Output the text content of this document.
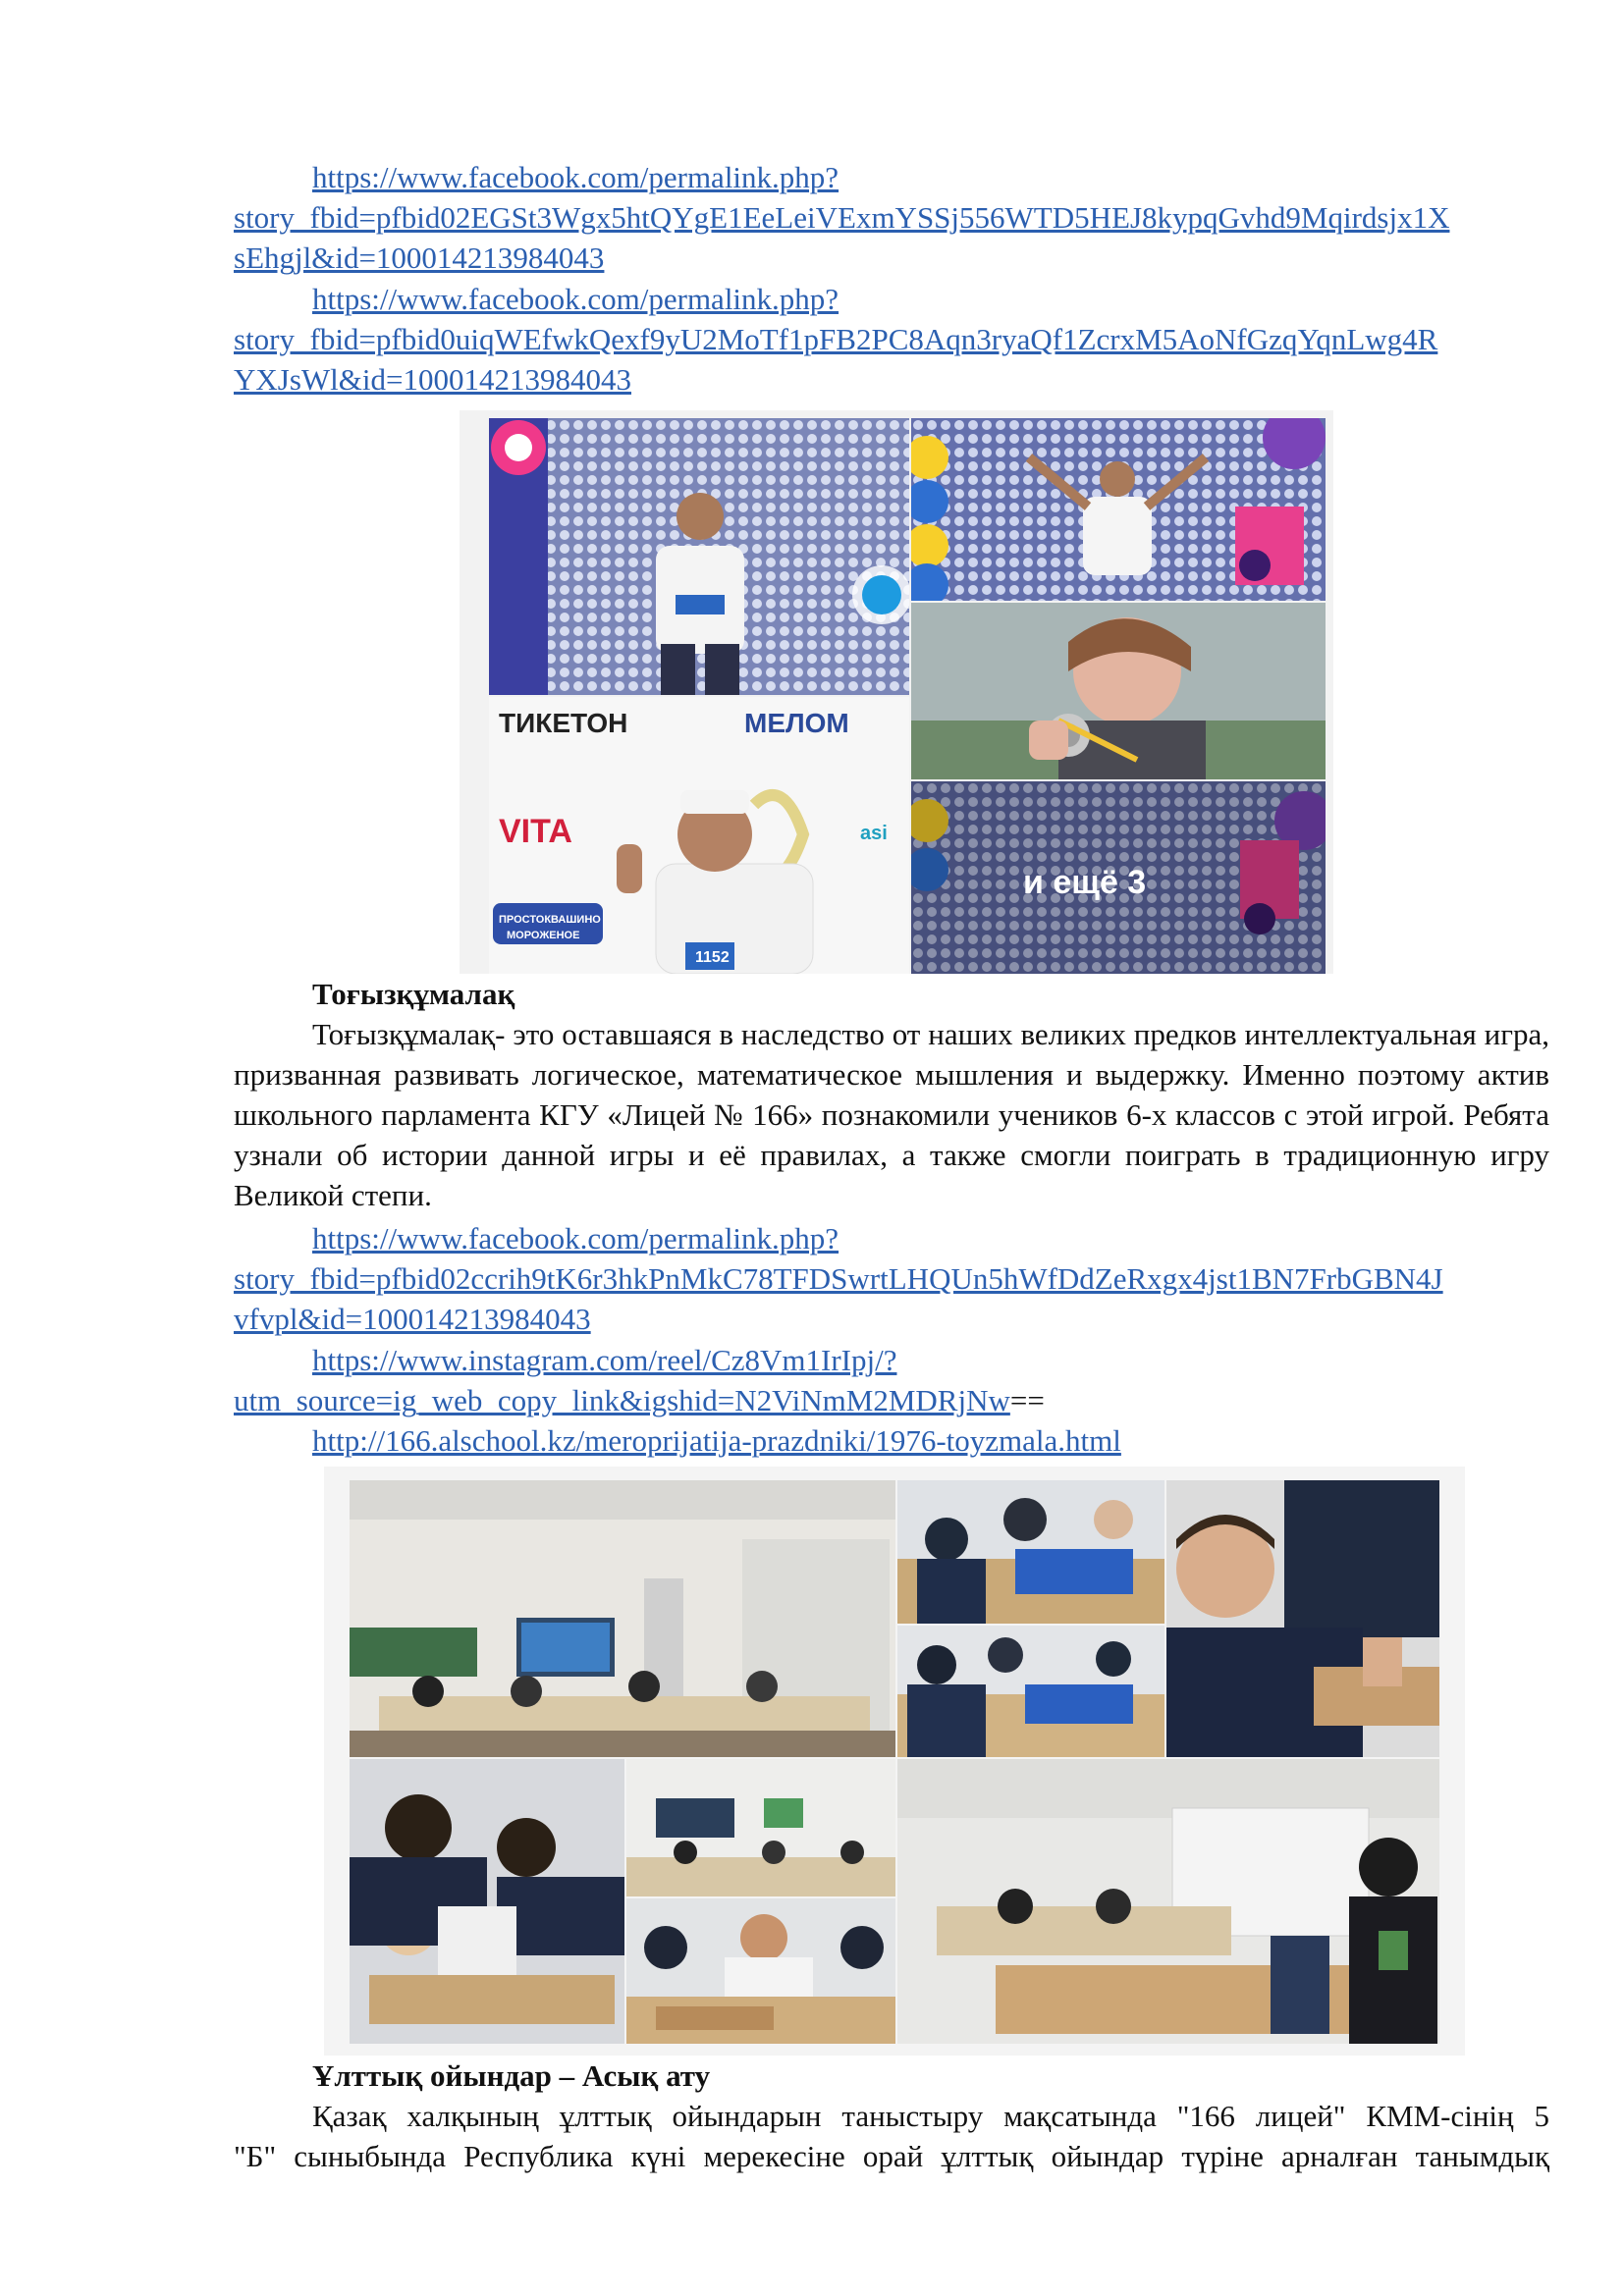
https://www.facebook.com/permalink.php?
story_fbid=pfbid02EGSt3Wgx5htQYgE1EeLeiVExmYSSj556WTD5HEJ8kypqGvhd9Mqirdsjx1X
sEhgjl&id=100014213984043
https://www.facebook.com/permalink.php?
story_fbid=pfbid0uiqWEfwkQexf9yU2MoTf1pFB2PC8Aqn3ryaQf1ZcrxM5AoNfGzqYqnLwg4R
YXJsWl&id=100014213984043
ТИКЕТОН	МЕЛОМ
VITA	asi
ПРОСТОКВАШИНО
МОРОЖЕНОЕ
1152
и ещё 3
Тоғызқұмалақ
Тоғызқұмалақ- это оставшаяся в наследство от наших великих предков интеллектуальная игра, призванная развивать логическое, математическое мышления и выдержку. Именно поэтому актив школьного парламента КГУ «Лицей № 166» познакомили учеников 6-х классов с этой игрой. Ребята узнали об истории данной игры и её правилах, а также смогли поиграть в традиционную игру Великой степи.
https://www.facebook.com/permalink.php?
story_fbid=pfbid02ccrih9tK6r3hkPnMkC78TFDSwrtLHQUn5hWfDdZeRxgx4jst1BN7FrbGBN4J
vfvpl&id=100014213984043
https://www.instagram.com/reel/Cz8Vm1IrIpj/?
utm_source=ig_web_copy_link&igshid=N2ViNmM2MDRjNw==
http://166.alschool.kz/meroprijatija-prazdniki/1976-toyzmala.html
Ұлттық ойындар – Асық ату
Қазақ халқының ұлттық ойындарын таныстыру мақсатында "166 лицей" КММ-сінің 5
"Б" сыныбында Республика күні мерекесіне орай ұлттық ойындар түріне арналған танымдық
